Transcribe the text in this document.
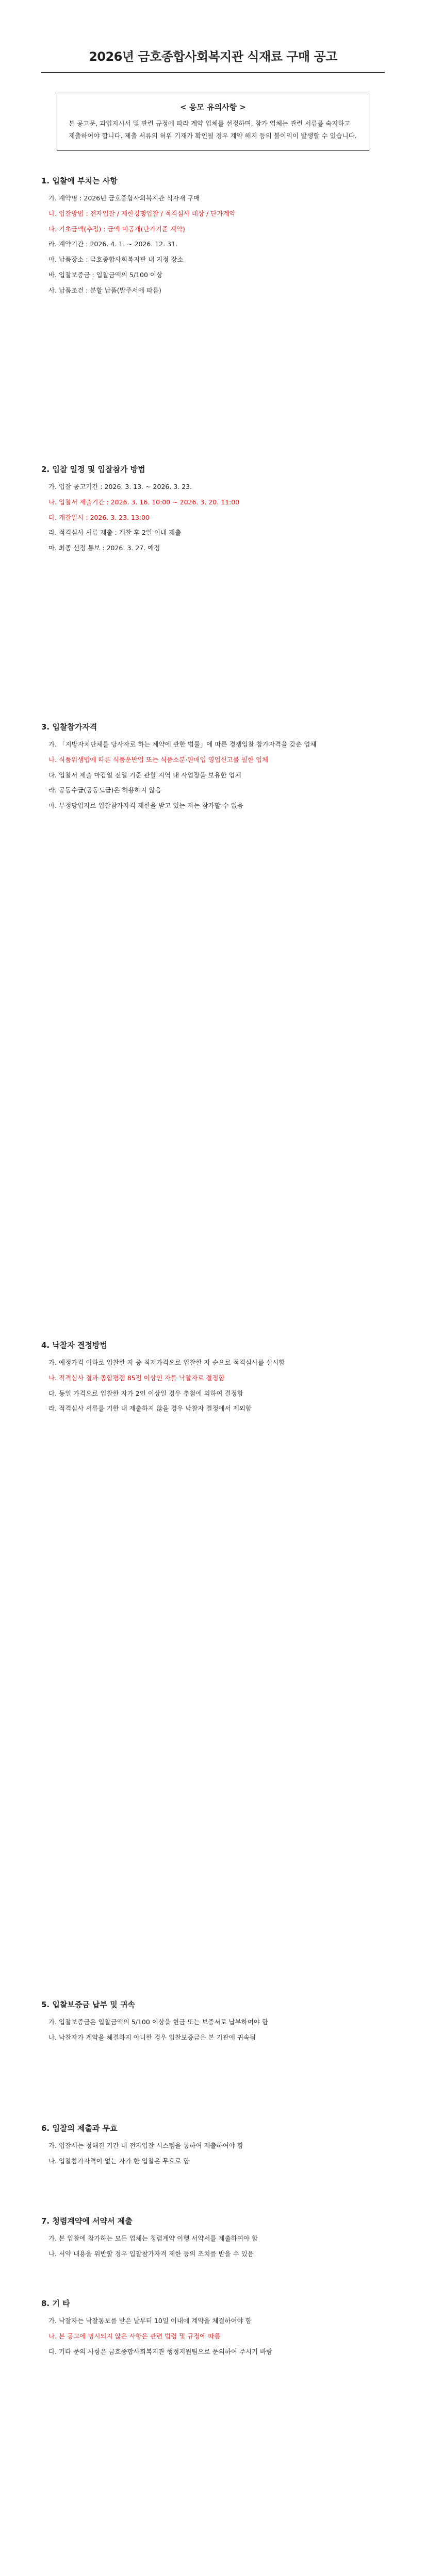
2026년 금호종합사회복지관 식재료 구매 공고
< 응모 유의사항 >
본 공고문, 과업지시서 및 관련 규정에 따라 계약 업체를 선정하며, 참가 업체는 관련 서류를 숙지하고 제출하여야 합니다. 제출 서류의 허위 기재가 확인될 경우 계약 해지 등의 불이익이 발생할 수 있습니다.
1. 입찰에 부치는 사항
가. 계약명 : 2026년 금호종합사회복지관 식자재 구매
나. 입찰방법 : 전자입찰 / 제한경쟁입찰 / 적격심사 대상 / 단가계약
다. 기초금액(추정) : 금액 미공개(단가기준 계약)
라. 계약기간 : 2026. 4. 1. ~ 2026. 12. 31.
마. 납품장소 : 금호종합사회복지관 내 지정 장소
바. 입찰보증금 : 입찰금액의 5/100 이상
사. 납품조건 : 분할 납품(발주서에 따름)
2. 입찰 일정 및 입찰참가 방법
가. 입찰 공고기간 : 2026. 3. 13. ~ 2026. 3. 23.
나. 입찰서 제출기간 : 2026. 3. 16. 10:00 ~ 2026. 3. 20. 11:00
다. 개찰일시 : 2026. 3. 23. 13:00
라. 적격심사 서류 제출 : 개찰 후 2일 이내 제출
마. 최종 선정 통보 : 2026. 3. 27. 예정
3. 입찰참가자격
가. 「지방자치단체를 당사자로 하는 계약에 관한 법률」에 따른 경쟁입찰 참가자격을 갖춘 업체
나. 식품위생법에 따른 식품운반업 또는 식품소분·판매업 영업신고를 필한 업체
다. 입찰서 제출 마감일 전일 기준 관할 지역 내 사업장을 보유한 업체
라. 공동수급(공동도급)은 허용하지 않음
마. 부정당업자로 입찰참가자격 제한을 받고 있는 자는 참가할 수 없음
4. 낙찰자 결정방법
가. 예정가격 이하로 입찰한 자 중 최저가격으로 입찰한 자 순으로 적격심사를 실시함
나. 적격심사 결과 종합평점 85점 이상인 자를 낙찰자로 결정함
다. 동일 가격으로 입찰한 자가 2인 이상일 경우 추첨에 의하여 결정함
라. 적격심사 서류를 기한 내 제출하지 않을 경우 낙찰자 결정에서 제외함
5. 입찰보증금 납부 및 귀속
가. 입찰보증금은 입찰금액의 5/100 이상을 현금 또는 보증서로 납부하여야 함
나. 낙찰자가 계약을 체결하지 아니한 경우 입찰보증금은 본 기관에 귀속됨
6. 입찰의 제출과 무효
가. 입찰서는 정해진 기간 내 전자입찰 시스템을 통하여 제출하여야 함
나. 입찰참가자격이 없는 자가 한 입찰은 무효로 함
7. 청렴계약에 서약서 제출
가. 본 입찰에 참가하는 모든 업체는 청렴계약 이행 서약서를 제출하여야 함
나. 서약 내용을 위반할 경우 입찰참가자격 제한 등의 조치를 받을 수 있음
8. 기 타
가. 낙찰자는 낙찰통보를 받은 날부터 10일 이내에 계약을 체결하여야 함
나. 본 공고에 명시되지 않은 사항은 관련 법령 및 규정에 따름
다. 기타 문의 사항은 금호종합사회복지관 행정지원팀으로 문의하여 주시기 바람
